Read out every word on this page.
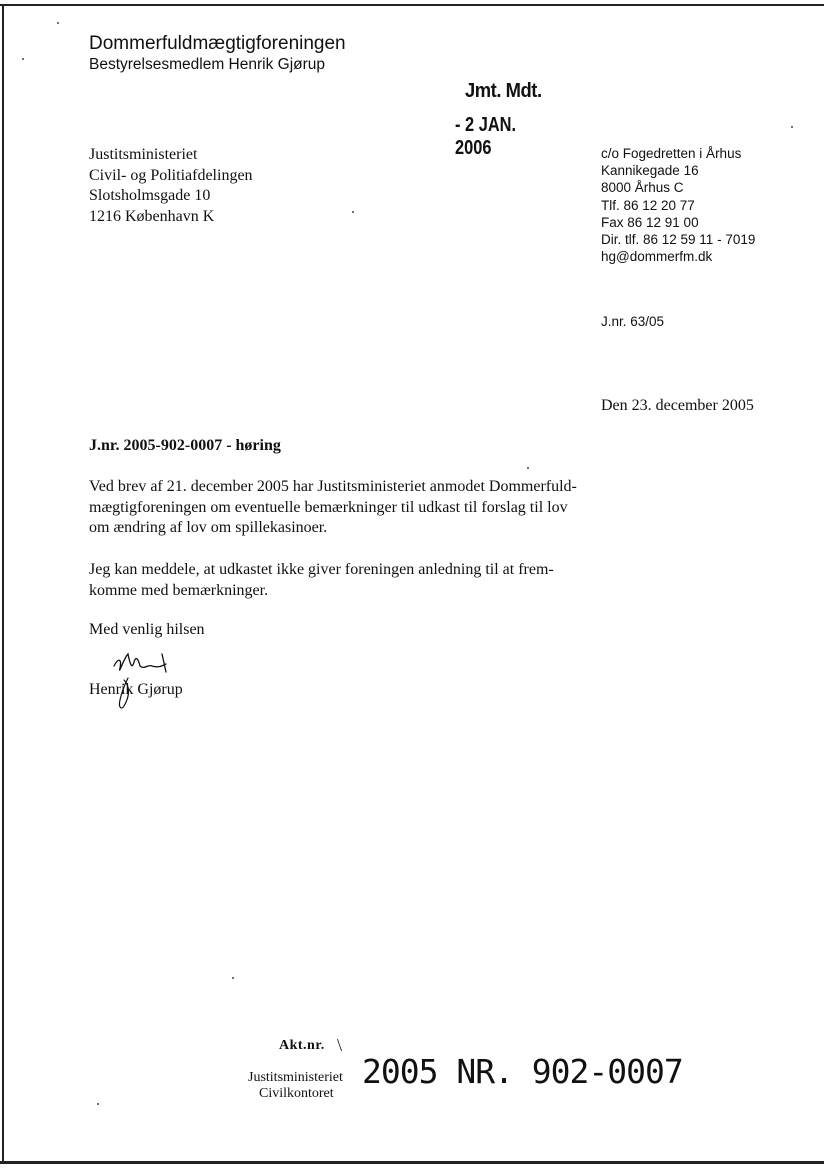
Dommerfuldmægtigforeningen
Bestyrelsesmedlem Henrik Gjørup
Jmt. Mdt.
- 2 JAN. 2006
Justitsministeriet
Civil- og Politiafdelingen
Slotsholmsgade 10
1216 København K
c/o Fogedretten i Århus
Kannikegade 16
8000 Århus C
Tlf. 86 12 20 77
Fax 86 12 91 00
Dir. tlf. 86 12 59 11 - 7019
hg@dommerfm.dk
J.nr. 63/05
Den 23. december 2005
J.nr. 2005-902-0007 - høring
Ved brev af 21. december 2005 har Justitsministeriet anmodet Dommerfuld-
mægtigforeningen om eventuelle bemærkninger til udkast til forslag til lov
om ændring af lov om spillekasinoer.
Jeg kan meddele, at udkastet ikke giver foreningen anledning til at frem-
komme med bemærkninger.
Med venlig hilsen
Henrik Gjørup
Akt.nr. \
Justitsministeriet
Civilkontoret
2005 NR. 902-0007
